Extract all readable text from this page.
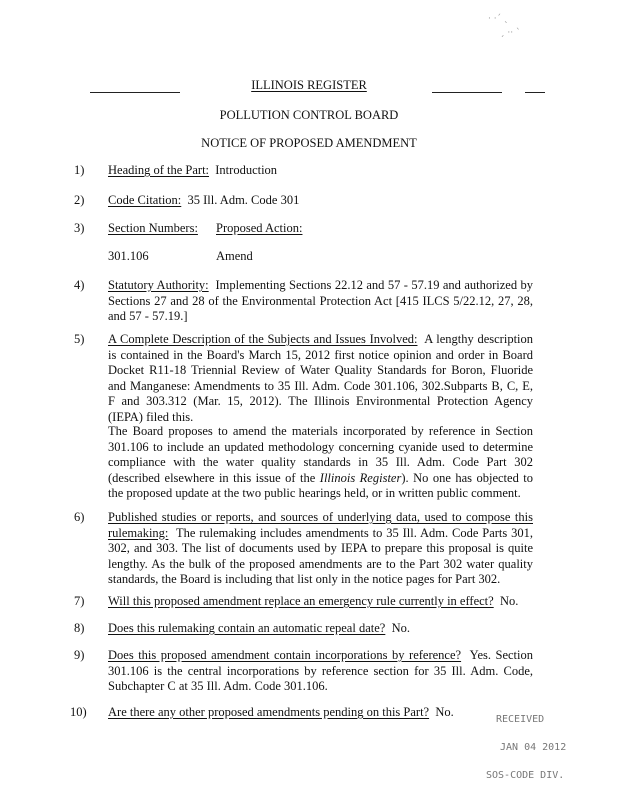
· ·ˊ ˎ
ˏ ·· ˋ
ILLINOIS REGISTER
POLLUTION CONTROL BOARD
NOTICE OF PROPOSED AMENDMENT
1) Heading of the Part: Introduction
2) Code Citation: 35 Ill. Adm. Code 301
3) Section Numbers: Proposed Action:
301.106	Amend
4) Statutory Authority: Implementing Sections 22.12 and 57 - 57.19 and authorized by Sections 27 and 28 of the Environmental Protection Act [415 ILCS 5/22.12, 27, 28, and 57 - 57.19.]
5) A Complete Description of the Subjects and Issues Involved: A lengthy description is contained in the Board's March 15, 2012 first notice opinion and order in Board Docket R11-18 Triennial Review of Water Quality Standards for Boron, Fluoride and Manganese: Amendments to 35 Ill. Adm. Code 301.106, 302.Subparts B, C, E, F and 303.312 (Mar. 15, 2012). The Illinois Environmental Protection Agency (IEPA) filed this.
The Board proposes to amend the materials incorporated by reference in Section 301.106 to include an updated methodology concerning cyanide used to determine compliance with the water quality standards in 35 Ill. Adm. Code Part 302 (described elsewhere in this issue of the Illinois Register). No one has objected to the proposed update at the two public hearings held, or in written public comment.
6) Published studies or reports, and sources of underlying data, used to compose this rulemaking: The rulemaking includes amendments to 35 Ill. Adm. Code Parts 301, 302, and 303. The list of documents used by IEPA to prepare this proposal is quite lengthy. As the bulk of the proposed amendments are to the Part 302 water quality standards, the Board is including that list only in the notice pages for Part 302.
7) Will this proposed amendment replace an emergency rule currently in effect? No.
8) Does this rulemaking contain an automatic repeal date? No.
9) Does this proposed amendment contain incorporations by reference? Yes. Section 301.106 is the central incorporations by reference section for 35 Ill. Adm. Code, Subchapter C at 35 Ill. Adm. Code 301.106.
10) Are there any other proposed amendments pending on this Part? No.
RECEIVED
JAN 04 2012
SOS-CODE DIV.
